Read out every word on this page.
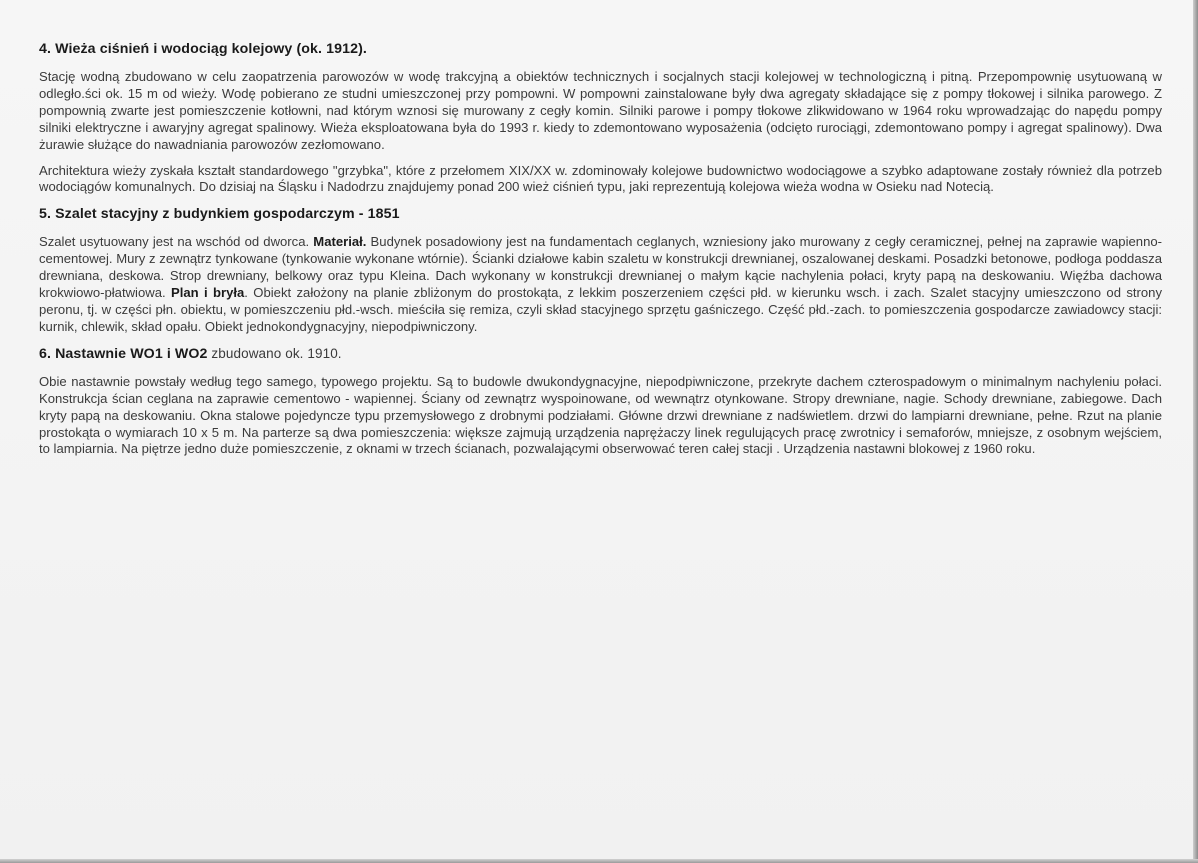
4. Wieża ciśnień i wodociąg kolejowy (ok. 1912).

Stację wodną zbudowano w celu zaopatrzenia parowozów w wodę trakcyjną a obiektów technicznych i socjalnych stacji kolejowej w technologiczną i pitną. Przepompownię usytuowaną w odległo.ści ok. 15 m od wieży. Wodę pobierano ze studni umieszczonej przy pompowni. W pompowni zainstalowane były dwa agregaty składające się z pompy tłokowej i silnika parowego. Z pompownią zwarte jest pomieszczenie kotłowni, nad którym wznosi się murowany z cegły komin. Silniki parowe i pompy tłokowe zlikwidowano w 1964 roku wprowadzając do napędu pompy silniki elektryczne i awaryjny agregat spalinowy. Wieża eksploatowana była do 1993 r. kiedy to zdemontowano wyposażenia (odcięto rurociągi, zdemontowano pompy i agregat spalinowy). Dwa żurawie służące do nawadniania parowozów zezłomowano.

Architektura wieży zyskała kształt standardowego "grzybka", które z przełomem XIX/XX w. zdominowały kolejowe budownictwo wodociągowe a szybko adaptowane zostały również dla potrzeb wodociągów komunalnych. Do dzisiaj na Śląsku i Nadodrzu znajdujemy ponad 200 wież ciśnień typu, jaki reprezentują kolejowa wieża wodna w Osieku nad Notecią.

5. Szalet stacyjny z budynkiem gospodarczym - 1851

Szalet usytuowany jest na wschód od dworca. Materiał. Budynek posadowiony jest na fundamentach ceglanych, wzniesiony jako murowany z cegły ceramicznej, pełnej na zaprawie wapienno-cementowej. Mury z zewnątrz tynkowane (tynkowanie wykonane wtórnie). Ścianki działowe kabin szaletu w konstrukcji drewnianej, oszalowanej deskami. Posadzki betonowe, podłoga poddasza drewniana, deskowa. Strop drewniany, belkowy oraz typu Kleina. Dach wykonany w konstrukcji drewnianej o małym kącie nachylenia połaci, kryty papą na deskowaniu. Więźba dachowa krokwiowo-płatwiowa. Plan i bryła. Obiekt założony na planie zbliżonym do prostokąta, z lekkim poszerzeniem części płd. w kierunku wsch. i zach. Szalet stacyjny umieszczono od strony peronu, tj. w części płn. obiektu, w pomieszczeniu płd.-wsch. mieściła się remiza, czyli skład stacyjnego sprzętu gaśniczego. Część płd.-zach. to pomieszczenia gospodarcze zawiadowcy stacji: kurnik, chlewik, skład opału. Obiekt jednokondygnacyjny, niepodpiwniczony.

6. Nastawnie WO1 i WO2 zbudowano ok. 1910.

Obie nastawnie powstały według tego samego, typowego projektu. Są to budowle dwukondygnacyjne, niepodpiwniczone, przekryte dachem czterospadowym o minimalnym nachyleniu połaci. Konstrukcja ścian ceglana na zaprawie cementowo - wapiennej. Ściany od zewnątrz wyspoinowane, od wewnątrz otynkowane. Stropy drewniane, nagie. Schody drewniane, zabiegowe. Dach kryty papą na deskowaniu. Okna stalowe pojedyncze typu przemysłowego z drobnymi podziałami. Główne drzwi drewniane z nadświetlem. drzwi do lampiarni drewniane, pełne. Rzut na planie prostokąta o wymiarach 10 x 5 m. Na parterze są dwa pomieszczenia: większe zajmują urządzenia naprężaczy linek regulujących pracę zwrotnicy i semaforów, mniejsze, z osobnym wejściem, to lampiarnia. Na piętrze jedno duże pomieszczenie, z oknami w trzech ścianach, pozwalającymi obserwować teren całej stacji . Urządzenia nastawni blokowej z 1960 roku.
